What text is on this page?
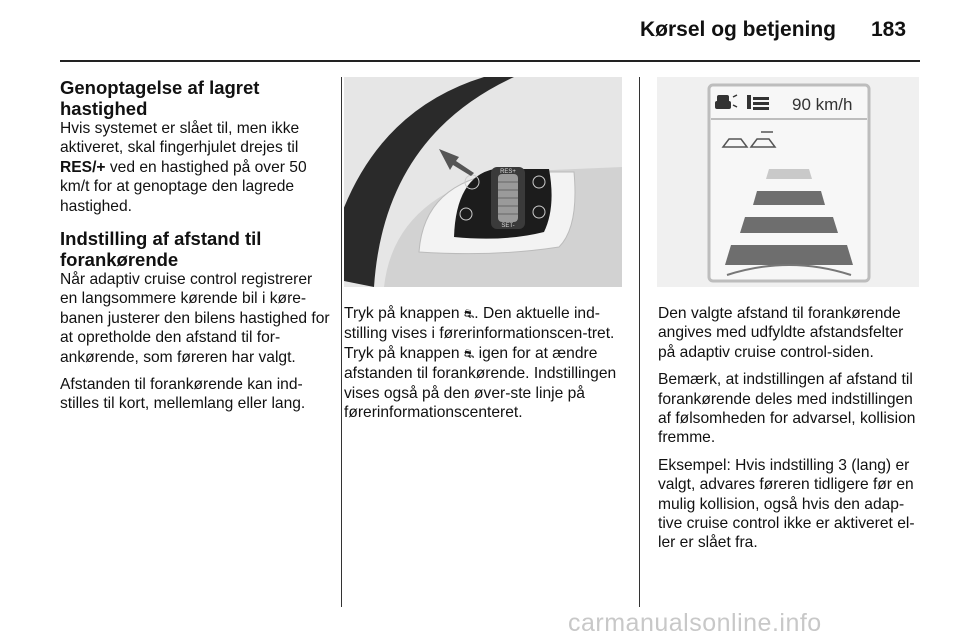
Kørsel og betjening 183
Genoptagelse af lagret hastighed

Hvis systemet er slået til, men ikke aktiveret, skal fingerhjulet drejes til RES/+ ved en hastighed på over 50 km/t for at genoptage den lagrede hastighed.

Indstilling af afstand til forankørende

Når adaptiv cruise control registrerer en langsommere kørende bil i køre-banen justerer den bilens hastighed for at opretholde den afstand til for-ankørende, som føreren har valgt.

Afstanden til forankørende kan ind-stilles til kort, mellemlang eller lang.

RES+
SET-
90 km/h

Tryk på knappen ⛐. Den aktuelle ind-stilling vises i førerinformationscen-tret. Tryk på knappen ⛐ igen for at ændre afstanden til forankørende. Indstillingen vises også på den øver-ste linje på førerinformationscenteret.

Den valgte afstand til forankørende angives med udfyldte afstandsfelter på adaptiv cruise control-siden.

Bemærk, at indstillingen af afstand til forankørende deles med indstillingen af følsomheden for advarsel, kollision fremme.

Eksempel: Hvis indstilling 3 (lang) er valgt, advares føreren tidligere før en mulig kollision, også hvis den adap-tive cruise control ikke er aktiveret el-ler er slået fra.

carmanualsonline.info
